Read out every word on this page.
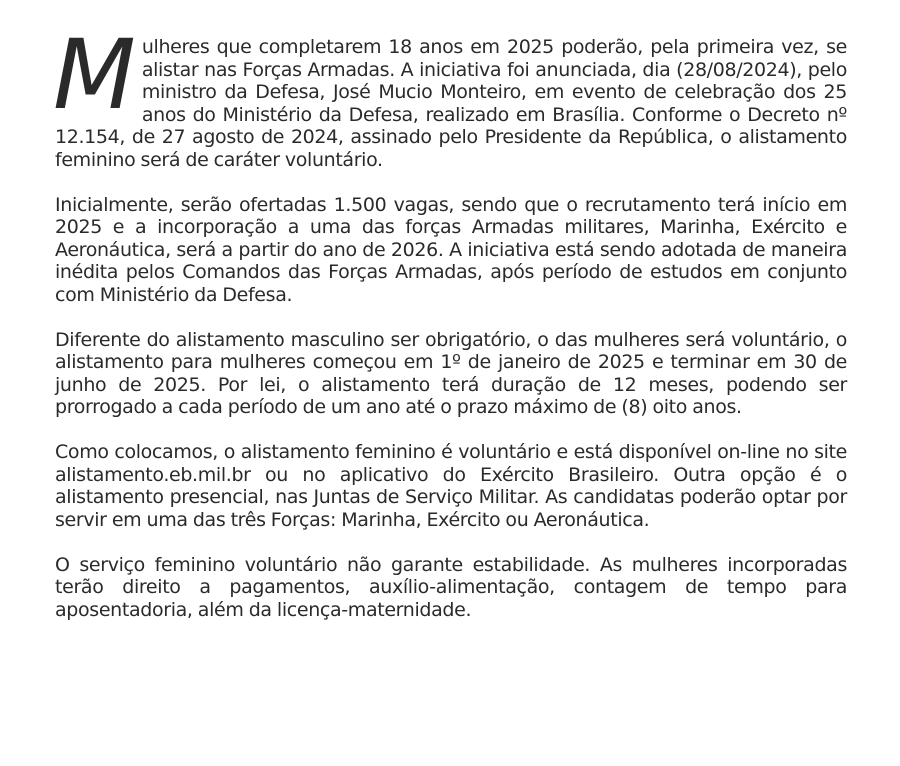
M ulheres que completarem 18 anos em 2025 poderão, pela primeira vez, se alistar nas Forças Armadas. A iniciativa foi anunciada, dia (28/08/2024), pelo ministro da Defesa, José Mucio Monteiro, em evento de celebração dos 25 anos do Ministério da Defesa, realizado em Brasília. Conforme o Decreto nº 12.154, de 27 agosto de 2024, assinado pelo Presidente da República, o alistamento feminino será de caráter voluntário.

Inicialmente, serão ofertadas 1.500 vagas, sendo que o recrutamento terá início em 2025 e a incorporação a uma das forças Armadas militares, Marinha, Exército e Aeronáutica, será a partir do ano de 2026. A iniciativa está sendo adotada de maneira inédita pelos Comandos das Forças Armadas, após período de estudos em conjunto com Ministério da Defesa.

Diferente do alistamento masculino ser obrigatório, o das mulheres será voluntário, o alistamento para mulheres começou em 1º de janeiro de 2025 e terminar em 30 de junho de 2025. Por lei, o alistamento terá duração de 12 meses, podendo ser prorrogado a cada período de um ano até o prazo máximo de (8) oito anos.

Como colocamos, o alistamento feminino é voluntário e está disponível on-line no site alistamento.eb.mil.br ou no aplicativo do Exército Brasileiro. Outra opção é o alistamento presencial, nas Juntas de Serviço Militar. As candidatas poderão optar por servir em uma das três Forças: Marinha, Exército ou Aeronáutica.

O serviço feminino voluntário não garante estabilidade. As mulheres incorporadas terão direito a pagamentos, auxílio-alimentação, contagem de tempo para aposentadoria, além da licença-maternidade.
